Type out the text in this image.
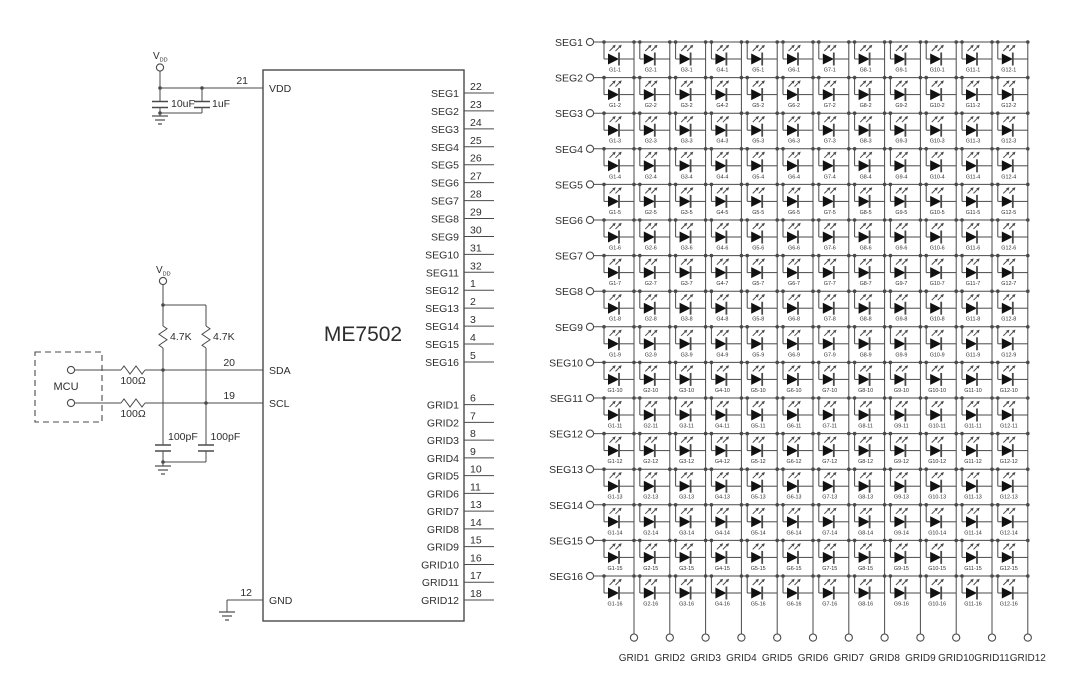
ME7502
22
SEG1
23
SEG2
24
SEG3
25
SEG4
26
SEG5
27
SEG6
28
SEG7
29
SEG8
30
SEG9
31
SEG10
32
SEG11
1
SEG12
2
SEG13
3
SEG14
4
SEG15
5
SEG16
6
GRID1
7
GRID2
8
GRID3
9
GRID4
10
GRID5
11
GRID6
13
GRID7
14
GRID8
15
GRID9
16
GRID10
17
GRID11
18
GRID12
21
VDD
20
SDA
19
SCL
12
GND
$V_{DD}$
10uF 1uF
MCU	100Ω
100Ω
$V_{DD}$
4.7K 4.7K
100pF 100pF
SEG1
SEG2
SEG3
SEG4
SEG5
SEG6
SEG7
SEG8
SEG9
SEG10
SEG11
SEG12
SEG13
SEG14
SEG15
SEG16
GRID1 GRID2 GRID3 GRID4 GRID5 GRID6 GRID7 GRID8 GRID9 GRID10 GRID11 GRID12
G1-1	G2-1	G3-1	G4-1	G5-1	G6-1	G7-1	G8-1	G9-1	G10-1	G11-1	G12-1
G1-2	G2-2	G3-2	G4-2	G5-2	G6-2	G7-2	G8-2	G9-2	G10-2	G11-2	G12-2
G1-3	G2-3	G3-3	G4-3	G5-3	G6-3	G7-3	G8-3	G9-3	G10-3	G11-3	G12-3
G1-4	G2-4	G3-4	G4-4	G5-4	G6-4	G7-4	G8-4	G9-4	G10-4	G11-4	G12-4
G1-5	G2-5	G3-5	G4-5	G5-5	G6-5	G7-5	G8-5	G9-5	G10-5	G11-5	G12-5
G1-6	G2-6	G3-6	G4-6	G5-6	G6-6	G7-6	G8-6	G9-6	G10-6	G11-6	G12-6
G1-7	G2-7	G3-7	G4-7	G5-7	G6-7	G7-7	G8-7	G9-7	G10-7	G11-7	G12-7
G1-8	G2-8	G3-8	G4-8	G5-8	G6-8	G7-8	G8-8	G9-8	G10-8	G11-8	G12-8
G1-9	G2-9	G3-9	G4-9	G5-9	G6-9	G7-9	G8-9	G9-9	G10-9	G11-9	G12-9
G1-10	G2-10	G3-10	G4-10	G5-10	G6-10	G7-10	G8-10	G9-10	G10-10	G11-10	G12-10
G1-11	G2-11	G3-11	G4-11	G5-11	G6-11	G7-11	G8-11	G9-11	G10-11	G11-11	G12-11
G1-12	G2-12	G3-12	G4-12	G5-12	G6-12	G7-12	G8-12	G9-12	G10-12	G11-12	G12-12
G1-13	G2-13	G3-13	G4-13	G5-13	G6-13	G7-13	G8-13	G9-13	G10-13	G11-13	G12-13
G1-14	G2-14	G3-14	G4-14	G5-14	G6-14	G7-14	G8-14	G9-14	G10-14	G11-14	G12-14
G1-15	G2-15	G3-15	G4-15	G5-15	G6-15	G7-15	G8-15	G9-15	G10-15	G11-15	G12-15
G1-16	G2-16	G3-16	G4-16	G5-16	G6-16	G7-16	G8-16	G9-16	G10-16	G11-16	G12-16
